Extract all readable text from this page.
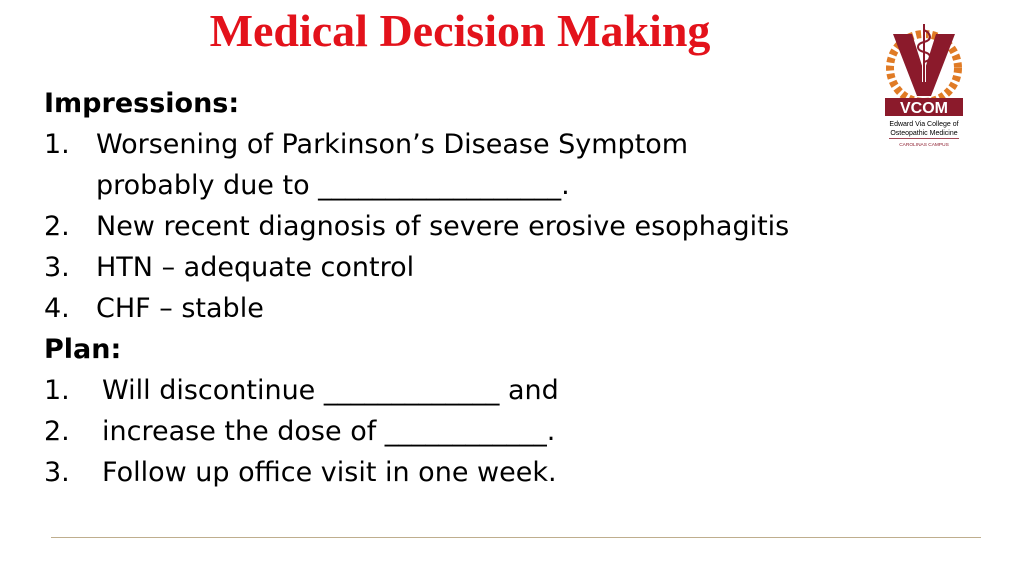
Medical Decision Making
Impressions:
1. Worsening of Parkinson’s Disease Symptom
probably due to __________________.
2. New recent diagnosis of severe erosive esophagitis
3. HTN – adequate control
4. CHF – stable
Plan:
1. Will discontinue _____________ and
2. increase the dose of ____________.
3. Follow up office visit in one week.
VCOM
Edward Via College of
Osteopathic Medicine
CAROLINAS CAMPUS
